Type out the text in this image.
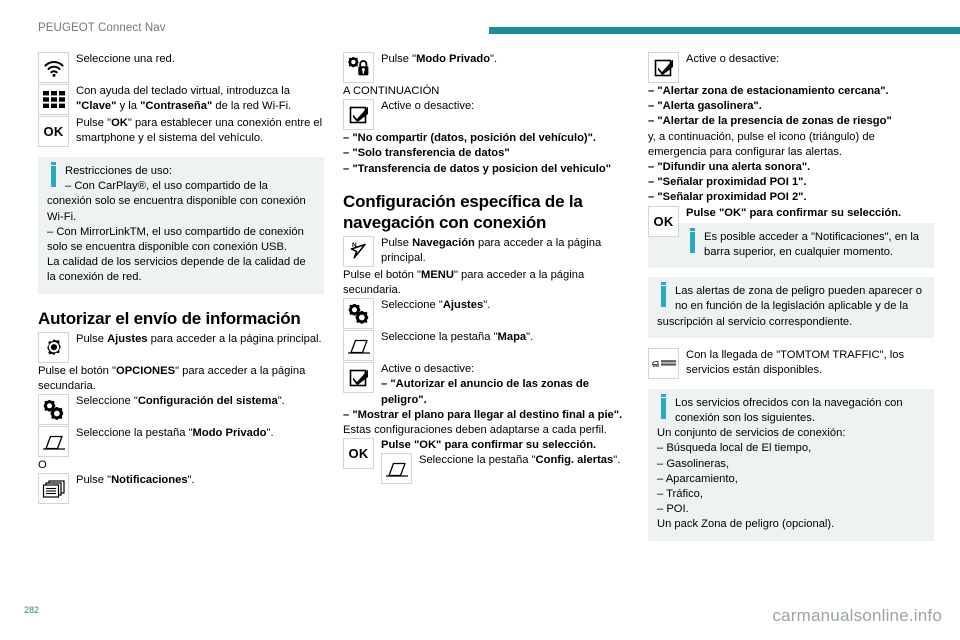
PEUGEOT Connect Nav

Seleccione una red.

Con ayuda del teclado virtual, introduzca la "Clave" y la "Contraseña" de la red Wi-Fi.

OK

Pulse "OK" para establecer una conexión entre el smartphone y el sistema del vehículo.

Restricciones de uso:

– Con CarPlay®, el uso compartido de la conexión solo se encuentra disponible con conexión Wi-Fi.

– Con MirrorLinkTM, el uso compartido de conexión solo se encuentra disponible con conexión USB.

La calidad de los servicios depende de la calidad de la conexión de red.

Autorizar el envío de información

Pulse Ajustes para acceder a la página principal.

Pulse el botón "OPCIONES" para acceder a la página secundaria.

Seleccione "Configuración del sistema".

Seleccione la pestaña "Modo Privado".

O

Pulse "Notificaciones".

Pulse "Modo Privado".

A CONTINUACIÓN

Active o desactive:

– "No compartir (datos, posición del vehículo)".

– "Solo transferencia de datos"

– "Transferencia de datos y posicion del vehiculo"

Configuración específica de la navegación con conexión
N	Pulse Navegación para acceder a la página principal.

Pulse el botón "MENU" para acceder a la página secundaria.

Seleccione "Ajustes".

Seleccione la pestaña "Mapa".

Active o desactive:

– "Autorizar el anuncio de las zonas de peligro".

– "Mostrar el plano para llegar al destino final a pie".

Estas configuraciones deben adaptarse a cada perfil.

OK

Pulse "OK" para confirmar su selección.

Seleccione la pestaña "Config. alertas".

Active o desactive:

– "Alertar zona de estacionamiento cercana".

– "Alerta gasolinera".

– "Alertar de la presencia de zonas de riesgo"

y, a continuación, pulse el icono (triángulo) de emergencia para configurar las alertas.

– "Difundir una alerta sonora".

– "Señalar proximidad POI 1".

– "Señalar proximidad POI 2".

OK

Pulse "OK" para confirmar su selección.

Es posible acceder a "Notificaciones", en la barra superior, en cualquier momento.

Las alertas de zona de peligro pueden aparecer o no en función de la legislación aplicable y de la suscripción al servicio correspondiente.

Con la llegada de "TOMTOM TRAFFIC", los servicios están disponibles.

Los servicios ofrecidos con la navegación con conexión son los siguientes.

Un conjunto de servicios de conexión:

– Búsqueda local de El tiempo,

– Gasolineras,

– Aparcamiento,

– Tráfico,

– POI.

Un pack Zona de peligro (opcional).

282	carmanualsonline.info
